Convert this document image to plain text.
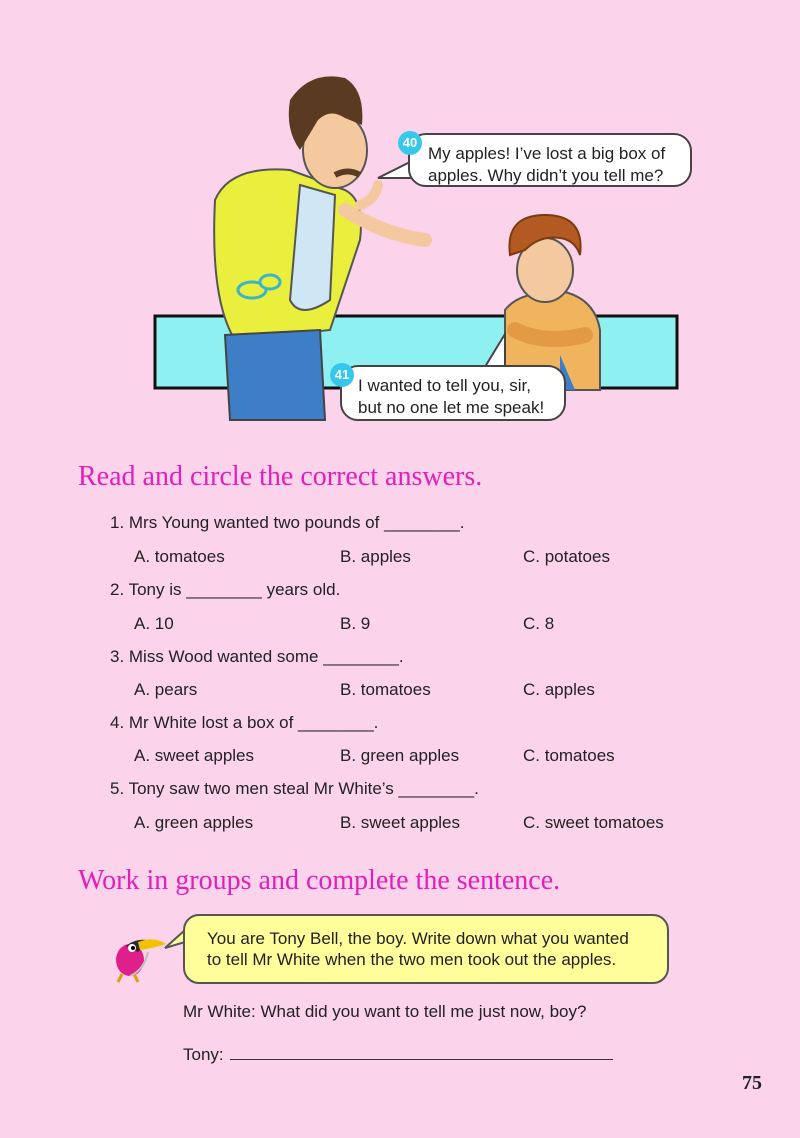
40
My apples! I’ve lost a big box of
apples. Why didn’t you tell me?
41
I wanted to tell you, sir,
but no one let me speak!
Read and circle the correct answers.
1. Mrs Young wanted two pounds of ________.
A. tomatoes	B. apples	C. potatoes
2. Tony is ________ years old.
A. 10	B. 9	C. 8
3. Miss Wood wanted some ________.
A. pears	B. tomatoes	C. apples
4. Mr White lost a box of ________.
A. sweet apples	B. green apples	C. tomatoes
5. Tony saw two men steal Mr White’s ________.
A. green apples	B. sweet apples	C. sweet tomatoes
Work in groups and complete the sentence.
You are Tony Bell, the boy. Write down what you wanted
to tell Mr White when the two men took out the apples.
Mr White: What did you want to tell me just now, boy?
Tony:
75
